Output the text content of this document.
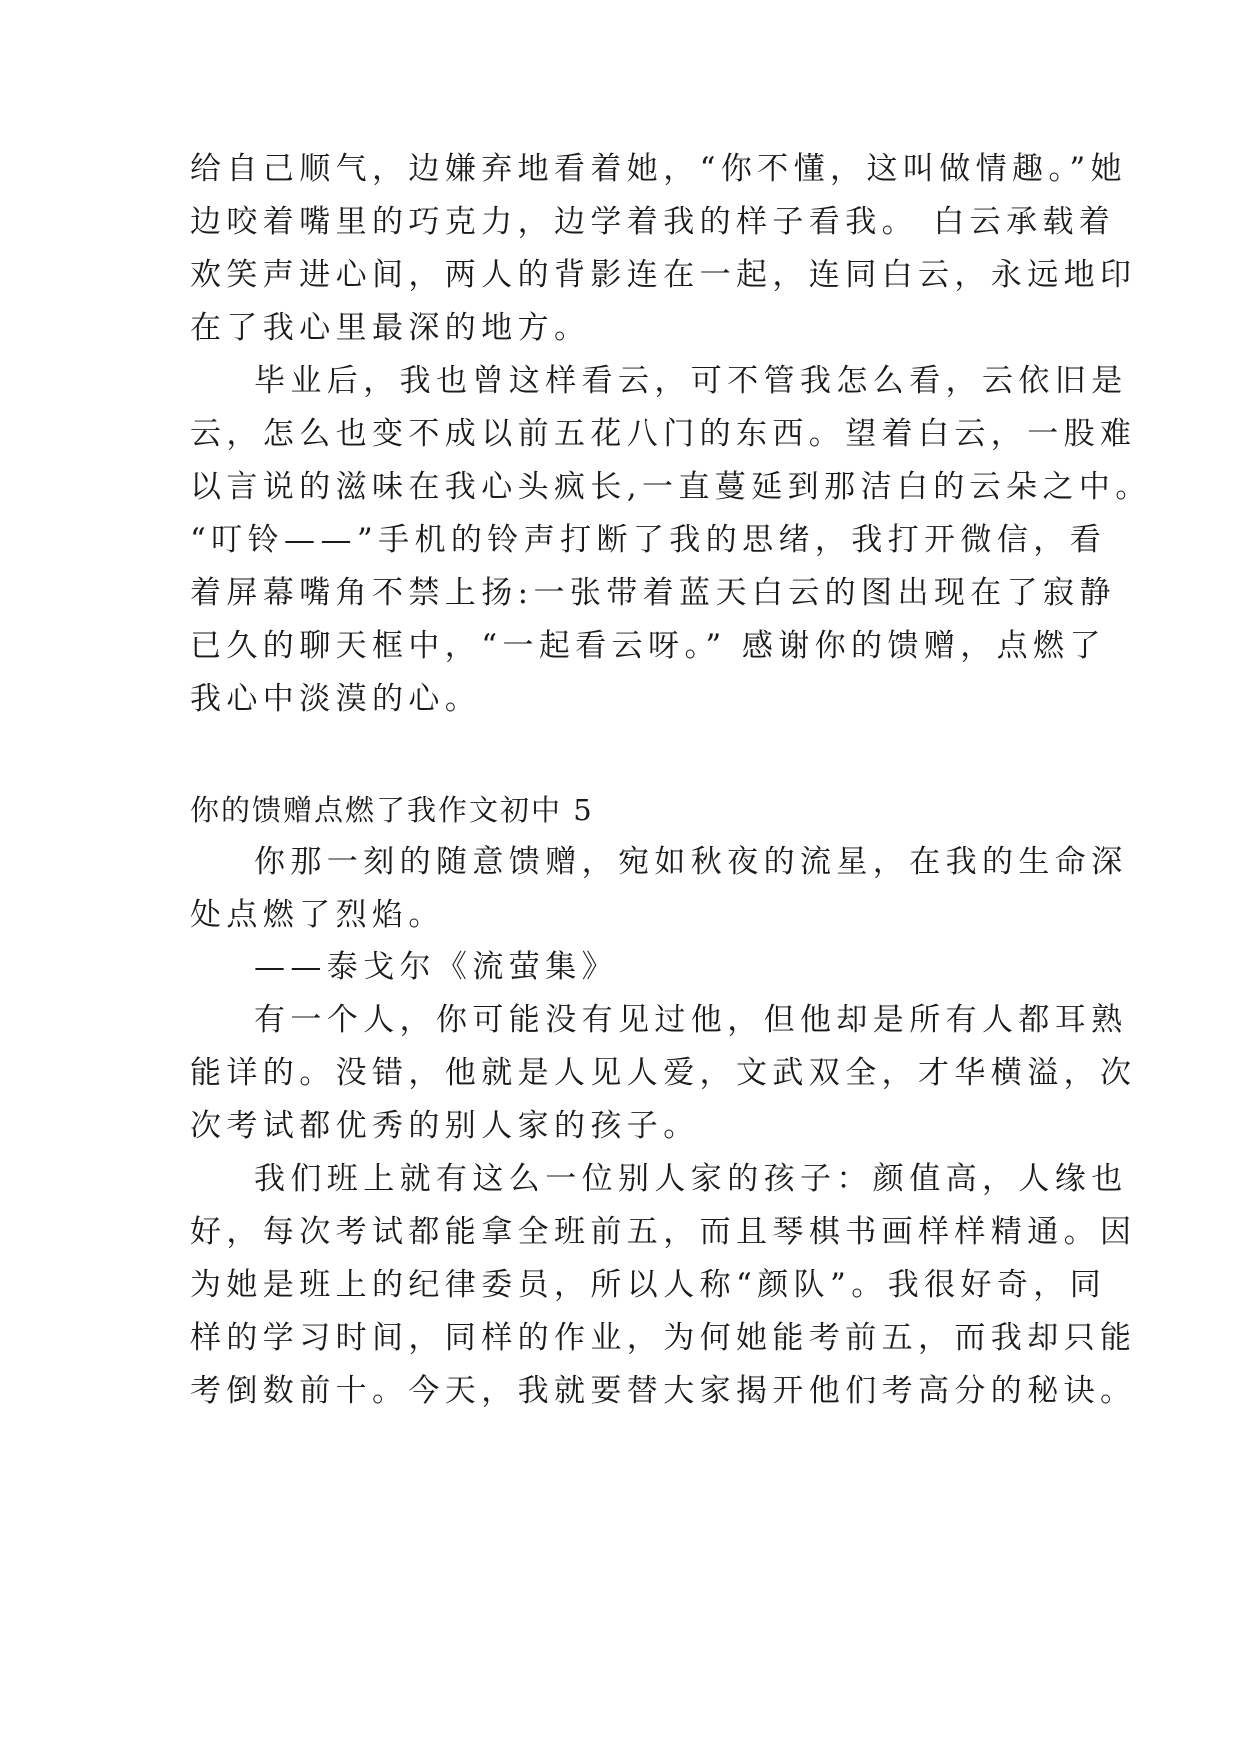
给自己顺气，边嫌弃地看着她，“你不懂，这叫做情趣。”她
边咬着嘴里的巧克力，边学着我的样子看我。 白云承载着
欢笑声进心间，两人的背影连在一起，连同白云，永远地印
在了我心里最深的地方。
毕业后，我也曾这样看云，可不管我怎么看，云依旧是
云，怎么也变不成以前五花八门的东西。望着白云，一股难
以言说的滋味在我心头疯长,一直蔓延到那洁白的云朵之中。
“叮铃——”手机的铃声打断了我的思绪，我打开微信，看
着屏幕嘴角不禁上扬:一张带着蓝天白云的图出现在了寂静
已久的聊天框中，“一起看云呀。” 感谢你的馈赠，点燃了
我心中淡漠的心。
你的馈赠点燃了我作文初中 5
你那一刻的随意馈赠，宛如秋夜的流星，在我的生命深
处点燃了烈焰。
——泰戈尔《流萤集》
有一个人，你可能没有见过他，但他却是所有人都耳熟
能详的。没错，他就是人见人爱，文武双全，才华横溢，次
次考试都优秀的别人家的孩子。
我们班上就有这么一位别人家的孩子：颜值高，人缘也
好，每次考试都能拿全班前五，而且琴棋书画样样精通。因
为她是班上的纪律委员，所以人称“颜队”。我很好奇，同
样的学习时间，同样的作业，为何她能考前五，而我却只能
考倒数前十。今天，我就要替大家揭开他们考高分的秘诀。
